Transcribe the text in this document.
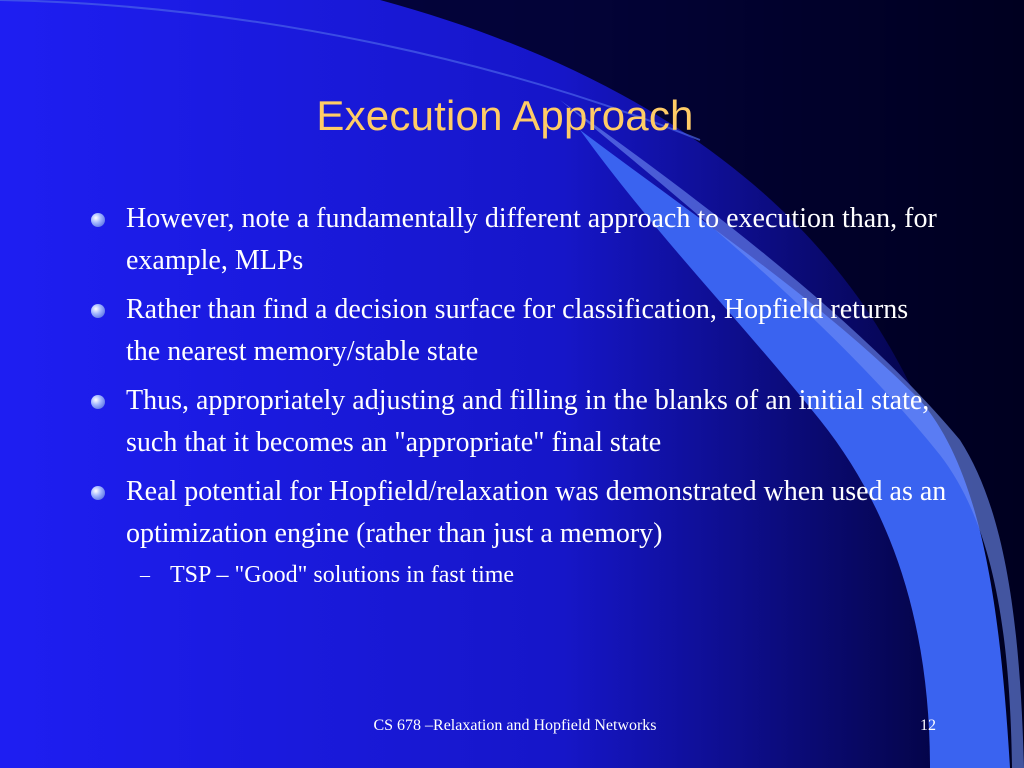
Execution Approach
However, note a fundamentally different approach to execution than, for example, MLPs
Rather than find a decision surface for classification, Hopfield returns the nearest memory/stable state
Thus, appropriately adjusting and filling in the blanks of an initial state, such that it becomes an "appropriate" final state
Real potential for Hopfield/relaxation was demonstrated when used as an optimization engine (rather than just a memory)
– TSP – "Good" solutions in fast time
CS 678 –Relaxation and Hopfield Networks	12
